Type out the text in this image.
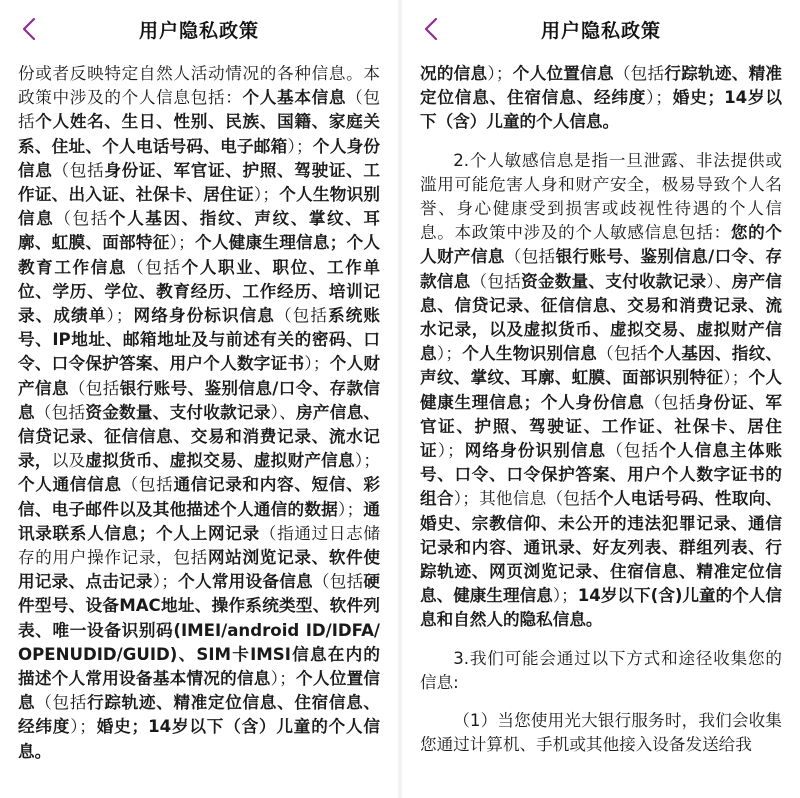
用户隐私政策

份或者反映特定自然人活动情况的各种信息。本政策中涉及的个人信息包括：个人基本信息（包括个人姓名、生日、性别、民族、国籍、家庭关系、住址、个人电话号码、电子邮箱）；个人身份信息（包括身份证、军官证、护照、驾驶证、工作证、出入证、社保卡、居住证）；个人生物识别信息（包括个人基因、指纹、声纹、掌纹、耳廓、虹膜、面部特征）；个人健康生理信息；个人教育工作信息（包括个人职业、职位、工作单位、学历、学位、教育经历、工作经历、培训记录、成绩单）；网络身份标识信息（包括系统账号、IP地址、邮箱地址及与前述有关的密码、口令、口令保护答案、用户个人数字证书）；个人财产信息（包括银行账号、鉴别信息/口令、存款信息（包括资金数量、支付收款记录）、房产信息、信贷记录、征信信息、交易和消费记录、流水记录，以及虚拟货币、虚拟交易、虚拟财产信息）；个人通信信息（包括通信记录和内容、短信、彩信、电子邮件以及其他描述个人通信的数据）；通讯录联系人信息；个人上网记录（指通过日志储存的用户操作记录，包括网站浏览记录、软件使用记录、点击记录）；个人常用设备信息（包括硬件型号、设备MAC地址、操作系统类型、软件列表、唯一设备识别码(IMEI/android ID/IDFA/OPENUDID/GUID)、SIM卡IMSI信息在内的描述个人常用设备基本情况的信息）；个人位置信息（包括行踪轨迹、精准定位信息、住宿信息、经纬度）；婚史；14岁以下（含）儿童的个人信息。

用户隐私政策

况的信息）；个人位置信息（包括行踪轨迹、精准定位信息、住宿信息、经纬度）；婚史；14岁以下（含）儿童的个人信息。

2.个人敏感信息是指一旦泄露、非法提供或滥用可能危害人身和财产安全，极易导致个人名誉、身心健康受到损害或歧视性待遇的个人信息。本政策中涉及的个人敏感信息包括：您的个人财产信息（包括银行账号、鉴别信息/口令、存款信息（包括资金数量、支付收款记录）、房产信息、信贷记录、征信信息、交易和消费记录、流水记录，以及虚拟货币、虚拟交易、虚拟财产信息）；个人生物识别信息（包括个人基因、指纹、声纹、掌纹、耳廓、虹膜、面部识别特征）；个人健康生理信息；个人身份信息（包括身份证、军官证、护照、驾驶证、工作证、社保卡、居住证）；网络身份识别信息（包括个人信息主体账号、口令、口令保护答案、用户个人数字证书的组合）；其他信息（包括个人电话号码、性取向、婚史、宗教信仰、未公开的违法犯罪记录、通信记录和内容、通讯录、好友列表、群组列表、行踪轨迹、网页浏览记录、住宿信息、精准定位信息、健康生理信息）；14岁以下(含)儿童的个人信息和自然人的隐私信息。

3.我们可能会通过以下方式和途径收集您的信息:

（1）当您使用光大银行服务时，我们会收集您通过计算机、手机或其他接入设备发送给我
